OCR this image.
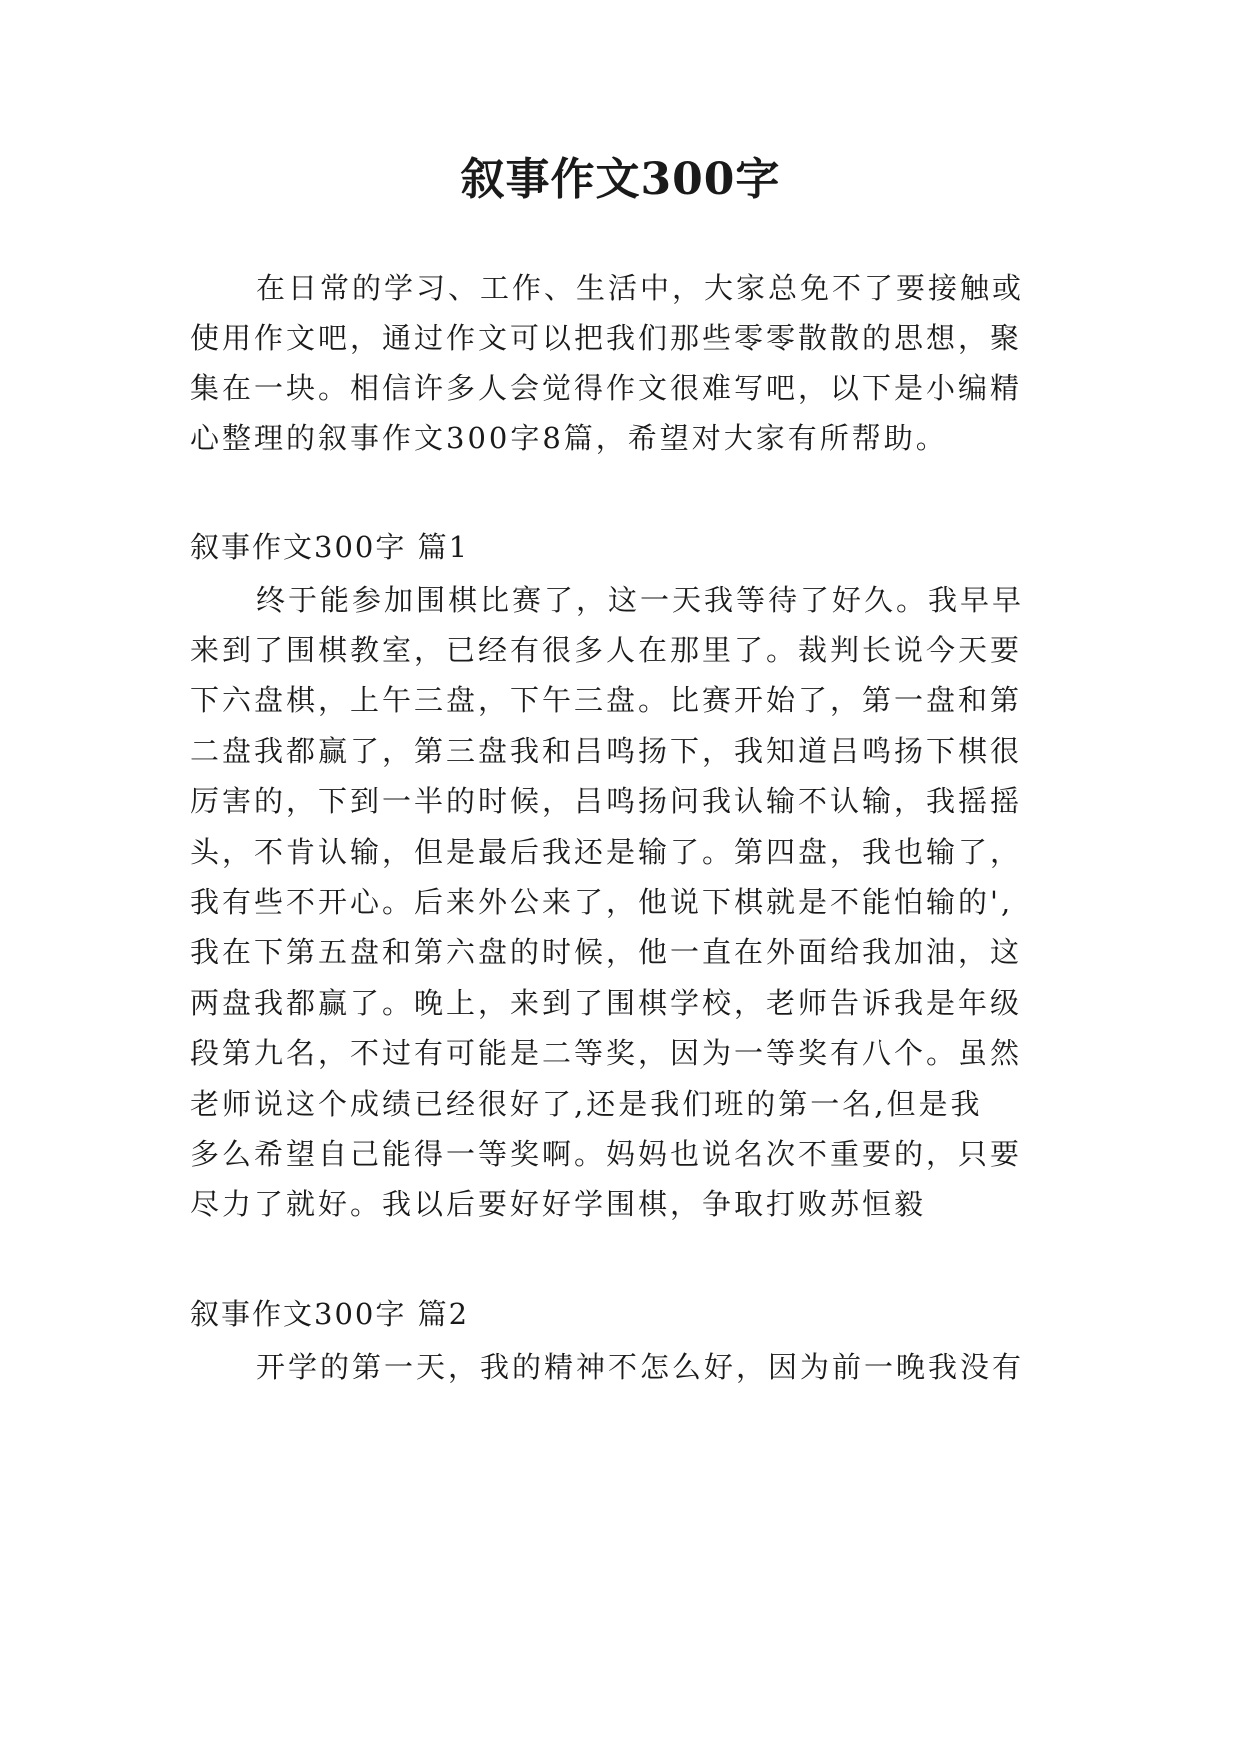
叙事作文300字
在日常的学习、工作、生活中，大家总免不了要接触或
使用作文吧，通过作文可以把我们那些零零散散的思想，聚
集在一块。相信许多人会觉得作文很难写吧，以下是小编精
心整理的叙事作文300字8篇，希望对大家有所帮助。
叙事作文300字 篇1
终于能参加围棋比赛了，这一天我等待了好久。我早早
来到了围棋教室，已经有很多人在那里了。裁判长说今天要
下六盘棋，上午三盘，下午三盘。比赛开始了，第一盘和第
二盘我都赢了，第三盘我和吕鸣扬下，我知道吕鸣扬下棋很
厉害的，下到一半的时候，吕鸣扬问我认输不认输，我摇摇
头，不肯认输，但是最后我还是输了。第四盘，我也输了，
我有些不开心。后来外公来了，他说下棋就是不能怕输的',
我在下第五盘和第六盘的时候，他一直在外面给我加油，这
两盘我都赢了。晚上，来到了围棋学校，老师告诉我是年级
段第九名，不过有可能是二等奖，因为一等奖有八个。虽然
老师说这个成绩已经很好了,还是我们班的第一名,但是我
多么希望自己能得一等奖啊。妈妈也说名次不重要的，只要
尽力了就好。我以后要好好学围棋，争取打败苏恒毅
叙事作文300字 篇2
开学的第一天，我的精神不怎么好，因为前一晚我没有
